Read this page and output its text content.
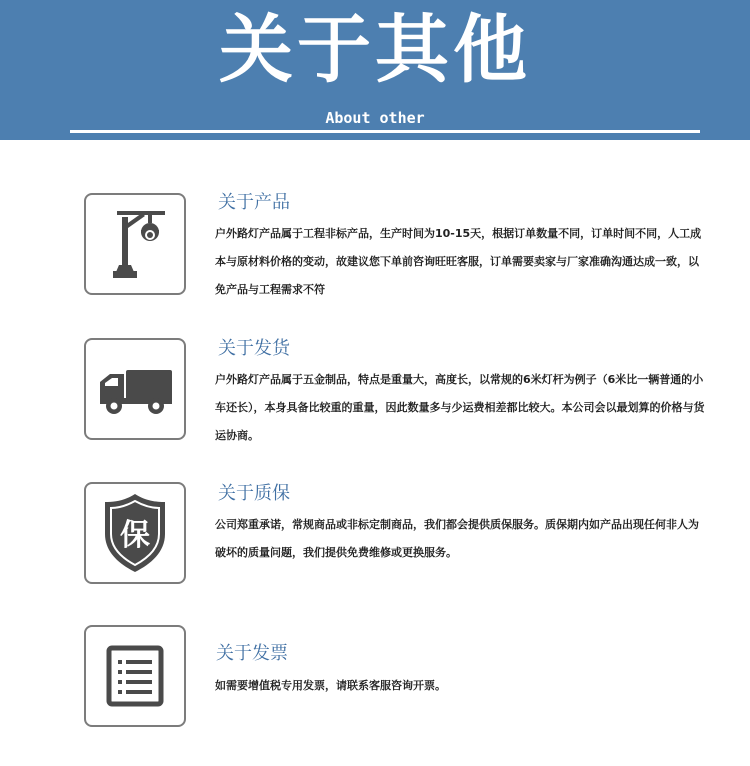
关于其他
About other
关于产品
户外路灯产品属于工程非标产品，生产时间为10-15天，根据订单数量不同，订单时间不同，人工成本与原材料价格的变动，故建议您下单前咨询旺旺客服，订单需要卖家与厂家准确沟通达成一致，以免产品与工程需求不符
关于发货
户外路灯产品属于五金制品，特点是重量大，高度长，以常规的6米灯杆为例子（6米比一辆普通的小车还长），本身具备比较重的重量，因此数量多与少运费相差都比较大。本公司会以最划算的价格与货运协商。
保
关于质保
公司郑重承诺，常规商品或非标定制商品，我们都会提供质保服务。质保期内如产品出现任何非人为破坏的质量问题，我们提供免费维修或更换服务。
关于发票
如需要增值税专用发票，请联系客服咨询开票。
